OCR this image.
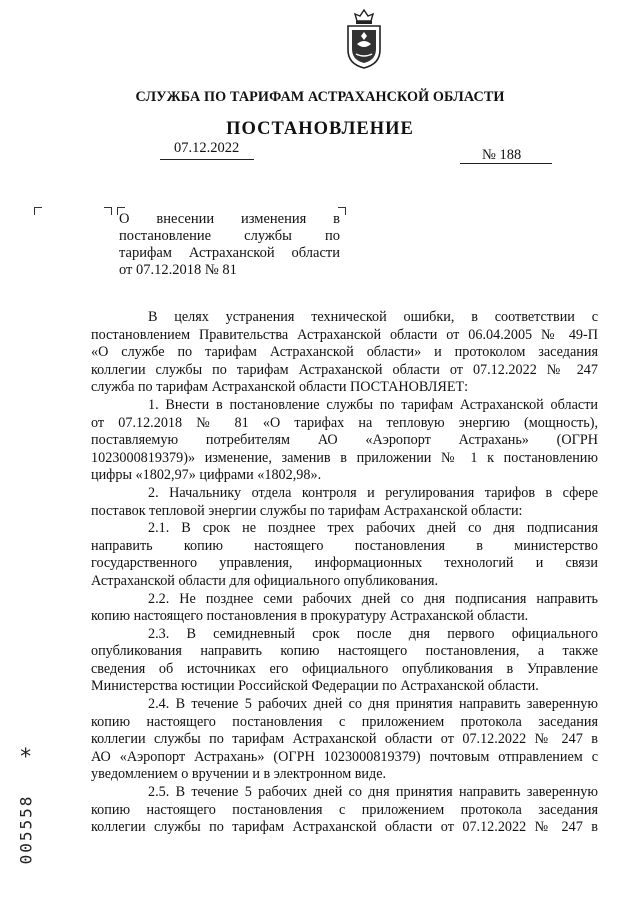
СЛУЖБА ПО ТАРИФАМ АСТРАХАНСКОЙ ОБЛАСТИ
ПОСТАНОВЛЕНИЕ
07.12.2022	№ 188
О внесении изменения в
постановление службы по
тарифам Астраханской области
от 07.12.2018 № 81
В целях устранения технической ошибки, в соответствии с
постановлением Правительства Астраханской области от 06.04.2005 № 49-П
«О службе по тарифам Астраханской области» и протоколом заседания
коллегии службы по тарифам Астраханской области от 07.12.2022 № 247
служба по тарифам Астраханской области ПОСТАНОВЛЯЕТ:
1. Внести в постановление службы по тарифам Астраханской области
от 07.12.2018 № 81 «О тарифах на тепловую энергию (мощность),
поставляемую потребителям АО «Аэропорт Астрахань» (ОГРН
1023000819379)» изменение, заменив в приложении № 1 к постановлению
цифры «1802,97» цифрами «1802,98».
2. Начальнику отдела контроля и регулирования тарифов в сфере
поставок тепловой энергии службы по тарифам Астраханской области:
2.1. В срок не позднее трех рабочих дней со дня подписания
направить копию настоящего постановления в министерство
государственного управления, информационных технологий и связи
Астраханской области для официального опубликования.
2.2. Не позднее семи рабочих дней со дня подписания направить
копию настоящего постановления в прокуратуру Астраханской области.
2.3. В семидневный срок после дня первого официального
опубликования направить копию настоящего постановления, а также
сведения об источниках его официального опубликования в Управление
Министерства юстиции Российской Федерации по Астраханской области.
2.4. В течение 5 рабочих дней со дня принятия направить заверенную
копию настоящего постановления с приложением протокола заседания
коллегии службы по тарифам Астраханской области от 07.12.2022 № 247 в
АО «Аэропорт Астрахань» (ОГРН 1023000819379) почтовым отправлением с
уведомлением о вручении и в электронном виде.
2.5. В течение 5 рабочих дней со дня принятия направить заверенную
копию настоящего постановления с приложением протокола заседания
коллегии службы по тарифам Астраханской области от 07.12.2022 № 247 в
*
005558
